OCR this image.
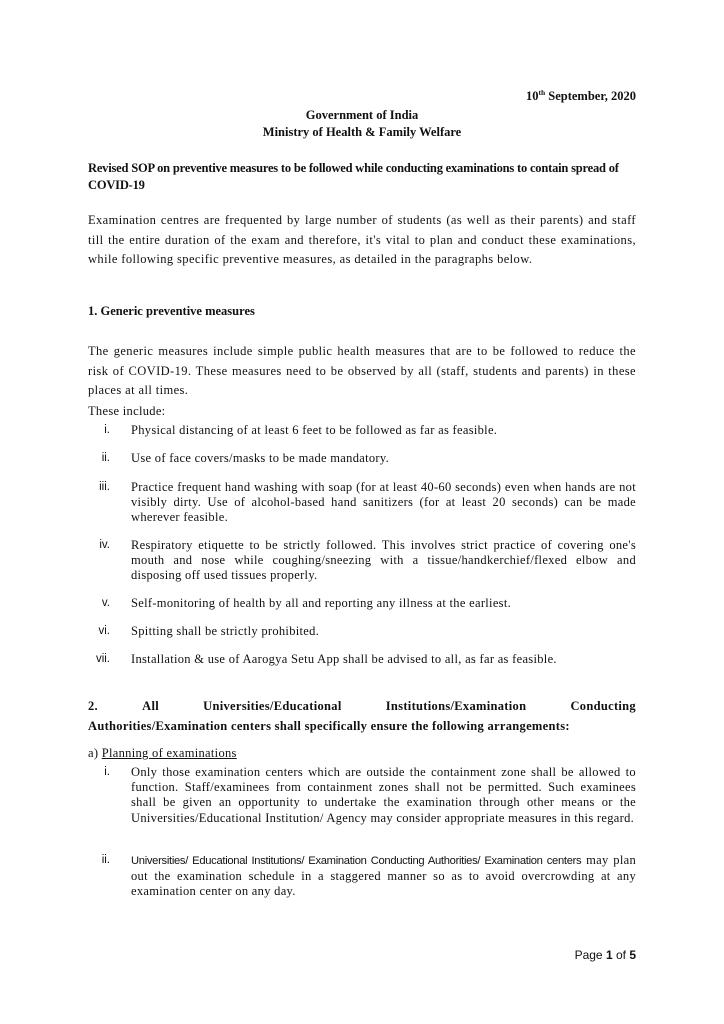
10th September, 2020
Government of India
Ministry of Health & Family Welfare
Revised SOP on preventive measures to be followed while conducting examinations to contain spread of COVID-19
Examination centres are frequented by large number of students (as well as their parents) and staff till the entire duration of the exam and therefore, it's vital to plan and conduct these examinations, while following specific preventive measures, as detailed in the paragraphs below.
1. Generic preventive measures
The generic measures include simple public health measures that are to be followed to reduce the risk of COVID-19. These measures need to be observed by all (staff, students and parents) in these places at all times.
These include:
i. Physical distancing of at least 6 feet to be followed as far as feasible.
ii. Use of face covers/masks to be made mandatory.
iii. Practice frequent hand washing with soap (for at least 40-60 seconds) even when hands are not visibly dirty. Use of alcohol-based hand sanitizers (for at least 20 seconds) can be made wherever feasible.
iv. Respiratory etiquette to be strictly followed. This involves strict practice of covering one's mouth and nose while coughing/sneezing with a tissue/handkerchief/flexed elbow and disposing off used tissues properly.
v. Self-monitoring of health by all and reporting any illness at the earliest.
vi. Spitting shall be strictly prohibited.
vii. Installation & use of Aarogya Setu App shall be advised to all, as far as feasible.
2.	All	Universities/Educational	Institutions/Examination	Conducting
Authorities/Examination centers shall specifically ensure the following arrangements:
a) Planning of examinations
i. Only those examination centers which are outside the containment zone shall be allowed to function. Staff/examinees from containment zones shall not be permitted. Such examinees shall be given an opportunity to undertake the examination through other means or the Universities/Educational Institution/ Agency may consider appropriate measures in this regard.
ii. Universities/ Educational Institutions/ Examination Conducting Authorities/ Examination centers may plan out the examination schedule in a staggered manner so as to avoid overcrowding at any examination center on any day.
Page 1 of 5
